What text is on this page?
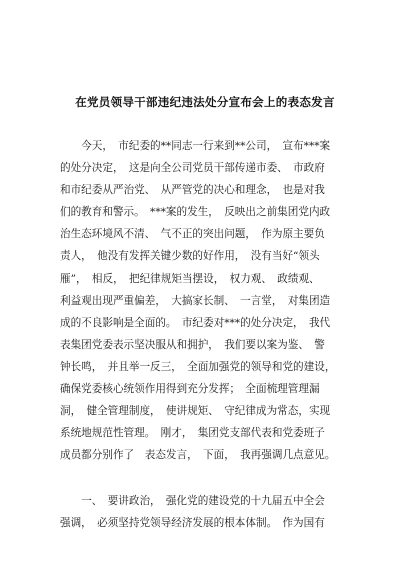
在党员领导干部违纪违法处分宣布会上的表态发言
　　今天，　市纪委的**同志一行来到**公司，　宣布***案
的处分决定，　这是向全公司党员干部传递市委、　市政府
和市纪委从严治党、　从严管党的决心和理念，　也是对我
们的教育和警示。　***案的发生，　反映出之前集团党内政
治生态环境风不清、　气不正的突出问题，　作为原主要负
责人，　他没有发挥关键少数的好作用，　没有当好“领头
雁”，　相反，　把纪律规矩当摆设，　权力观、　政绩观、
利益观出现严重偏差，　大搞家长制、　一言堂，　对集团造
成的不良影响是全面的。　市纪委对***的处分决定，　我代
表集团党委表示坚决服从和拥护，　我们要以案为鉴、　警
钟长鸣，　并且举一反三，　全面加强党的领导和党的建设，
确保党委核心统领作用得到充分发挥；　全面梳理管理漏
洞，　健全管理制度，　使讲规矩、　守纪律成为常态，实现
系统地规范性管理。　刚才，　集团党支部代表和党委班子
成员都分别作了　表态发言，　下面，　我再强调几点意见。
　　一、　要讲政治，　强化党的建设党的十九届五中全会
强调，　必须坚持党领导经济发展的根本体制。　作为国有
